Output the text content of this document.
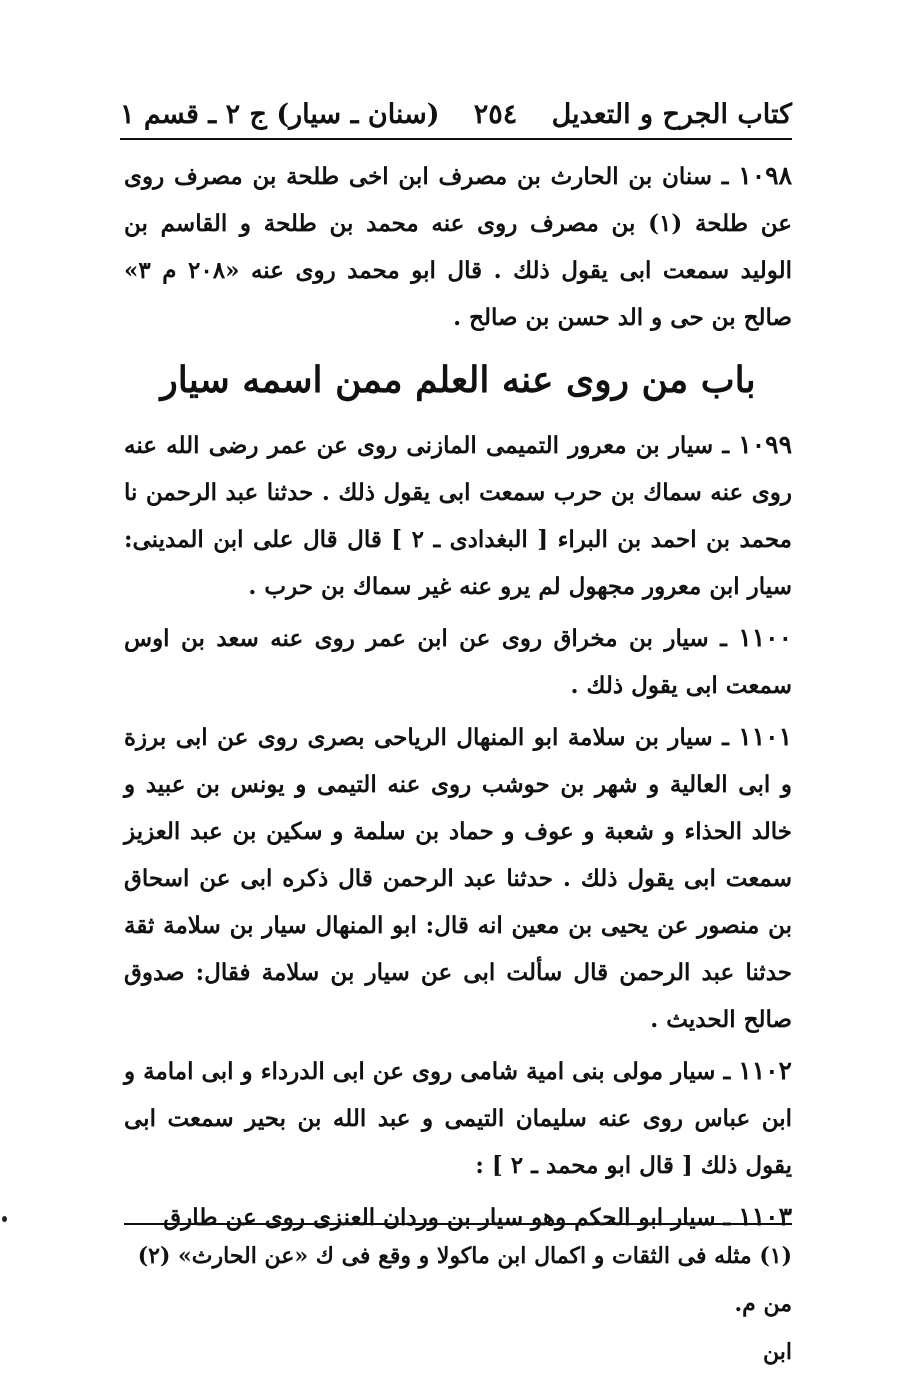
كتاب الجرح و التعديل
٢٥٤
(سنان ـ سيار) ج ٢ ـ قسم ١

١٠٩٨ ـ سنان بن الحارث بن مصرف ابن اخى طلحة بن مصرف روى عن طلحة (١) بن مصرف روى عنه محمد بن طلحة و القاسم بن الوليد سمعت ابى يقول ذلك . قال ابو محمد روى عنه «٢٠٨ م ٣» صالح بن حى و الد حسن بن صالح .

باب من روى عنه العلم ممن اسمه سيار

١٠٩٩ ـ سيار بن معرور التميمى المازنى روى عن عمر رضى الله عنه روى عنه سماك بن حرب سمعت ابى يقول ذلك . حدثنا عبد الرحمن نا محمد بن احمد بن البراء [ البغدادى ـ ٢ ] قال قال على ابن المدينى: سيار ابن معرور مجهول لم يرو عنه غير سماك بن حرب .

١١٠٠ ـ سيار بن مخراق روى عن ابن عمر روى عنه سعد بن اوس سمعت ابى يقول ذلك .

١١٠١ ـ سيار بن سلامة ابو المنهال الرياحى بصرى روى عن ابى برزة و ابى العالية و شهر بن حوشب روى عنه التيمى و يونس بن عبيد و خالد الحذاء و شعبة و عوف و حماد بن سلمة و سكين بن عبد العزيز سمعت ابى يقول ذلك . حدثنا عبد الرحمن قال ذكره ابى عن اسحاق بن منصور عن يحيى بن معين انه قال: ابو المنهال سيار بن سلامة ثقة حدثنا عبد الرحمن قال سألت ابى عن سيار بن سلامة فقال: صدوق صالح الحديث .

١١٠٢ ـ سيار مولى بنى امية شامى روى عن ابى الدرداء و ابى امامة و ابن عباس روى عنه سليمان التيمى و عبد الله بن بحير سمعت ابى يقول ذلك [ قال ابو محمد ـ ٢ ] :

١١٠٣ ـ سيار ابو الحكم وهو سيار بن وردان العنزى روى عن طارق

(١) مثله فى الثقات و اكمال ابن ماكولا و وقع فى ك «عن الحارث» (٢) من م.
ابن
